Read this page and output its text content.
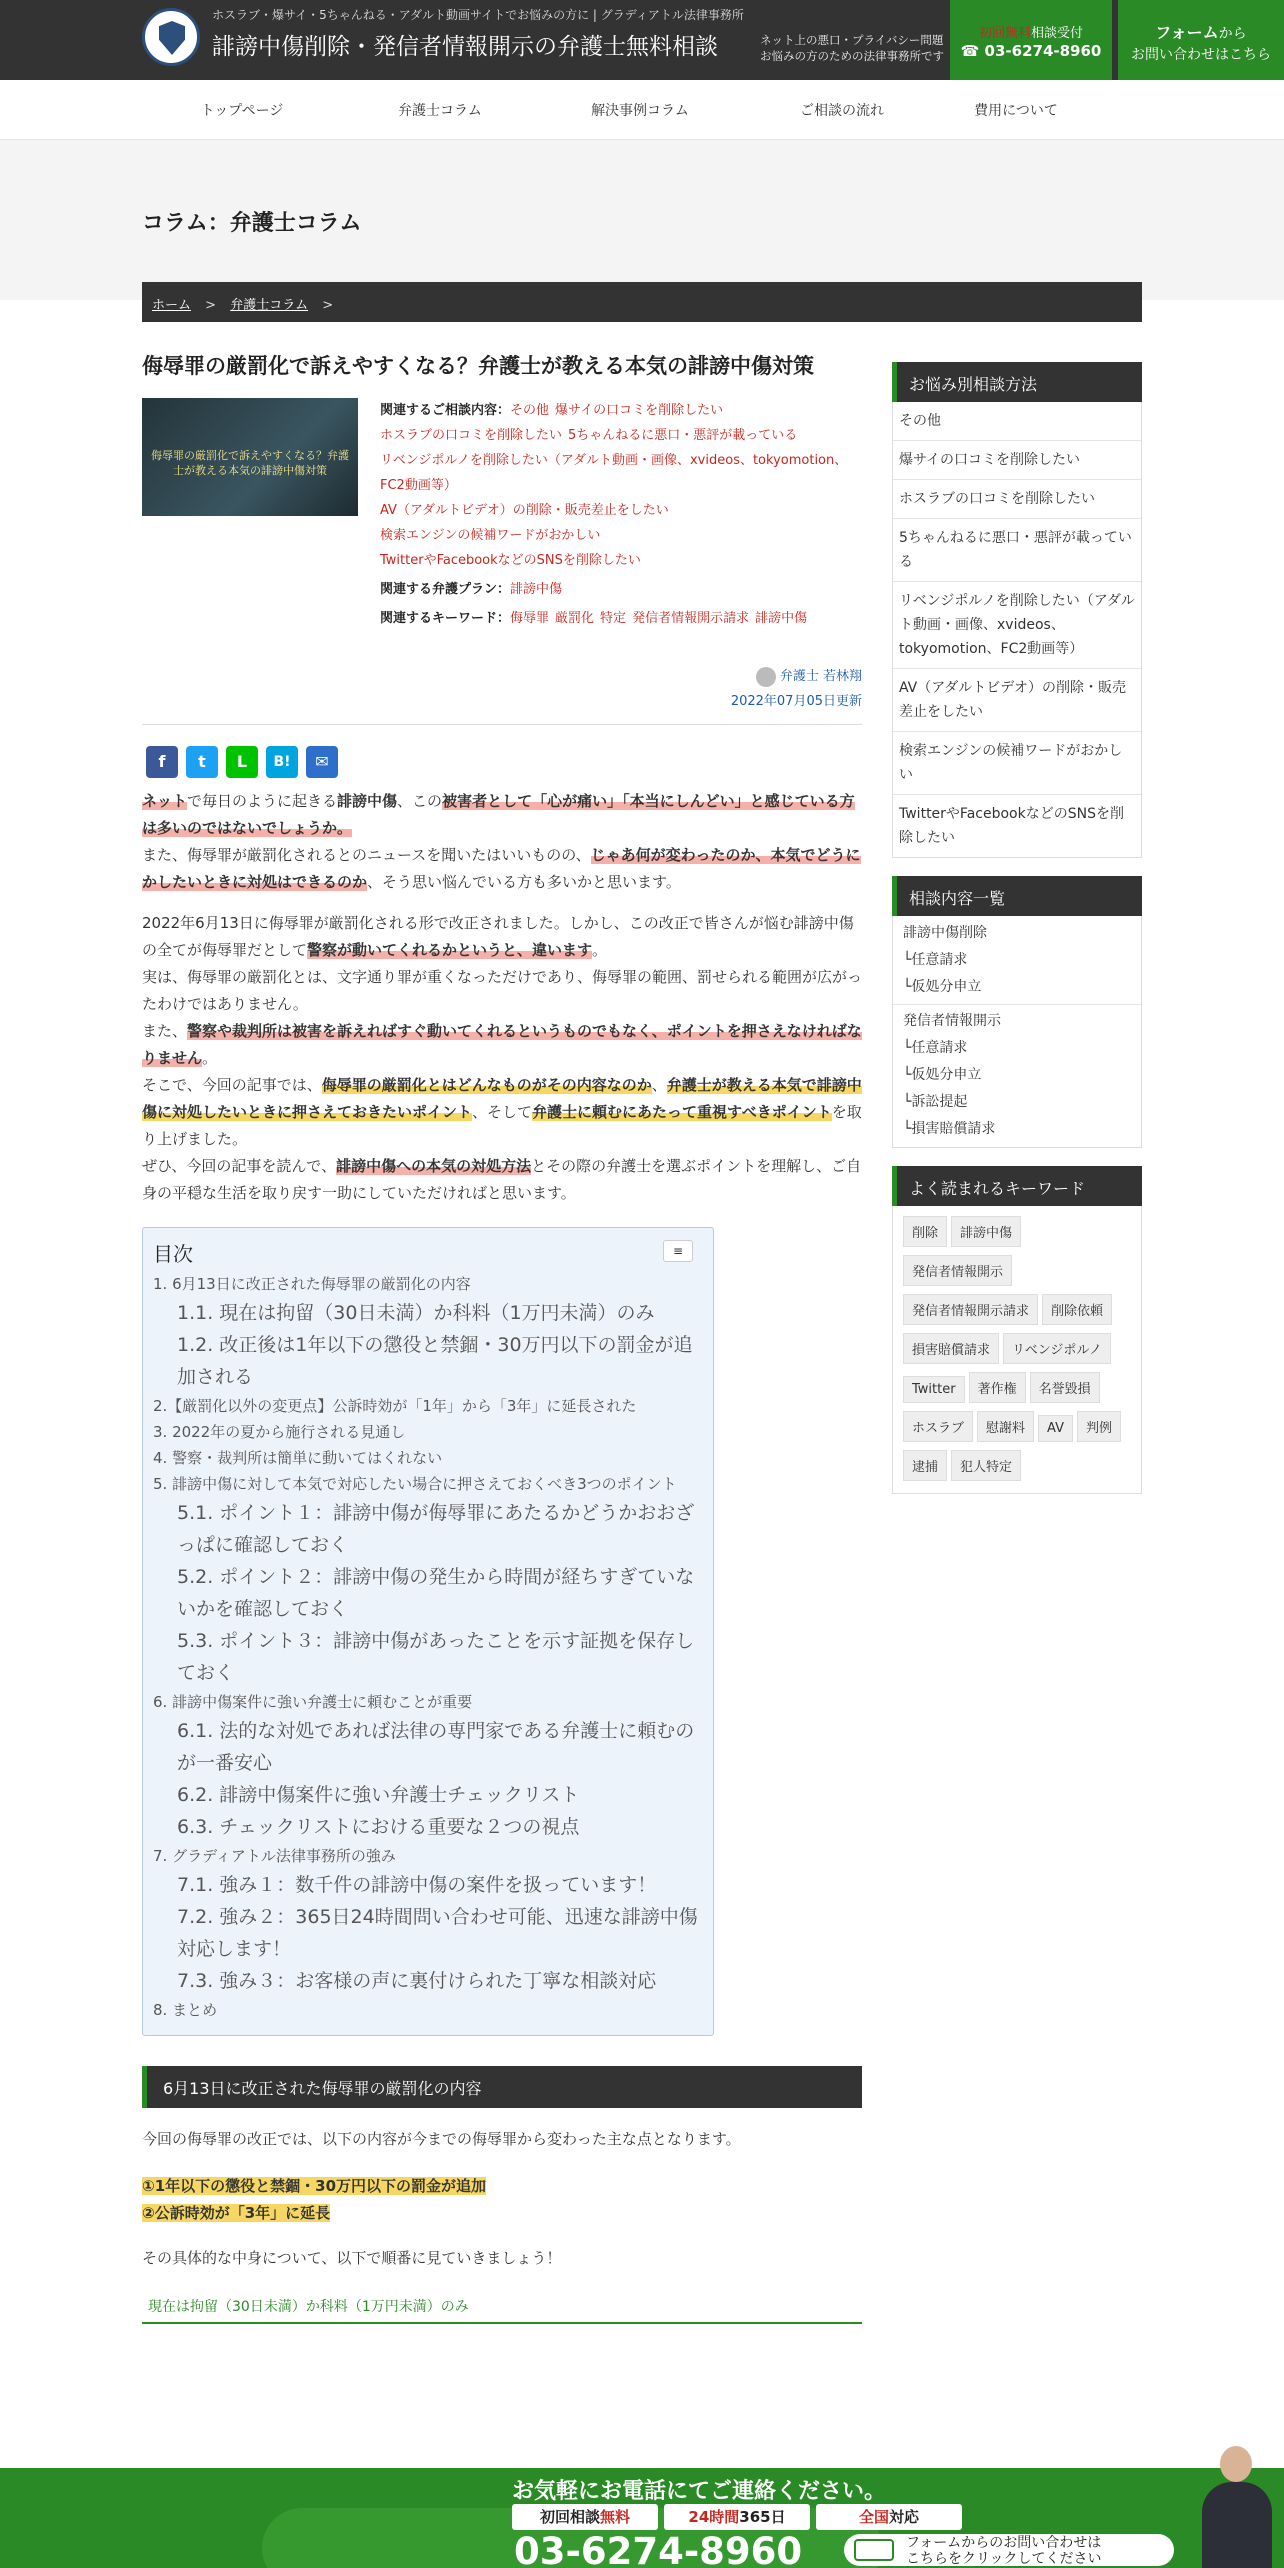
ホスラブ・爆サイ・5ちゃんねる・アダルト動画サイトでお悩みの方に | グラディアトル法律事務所
誹謗中傷削除・発信者情報開示の弁護士無料相談	ネット上の悪口・プライバシー問題
お悩みの方のための法律事務所です
初回無料相談受付
☎ 03-6274-8960
フォームから
お問い合わせはこちら
トップページ	弁護士コラム	解決事例コラム	ご相談の流れ	費用について
コラム：弁護士コラム
ホーム > 弁護士コラム >
侮辱罪の厳罰化で訴えやすくなる？弁護士が教える本気の誹謗中傷対策
侮辱罪の厳罰化で訴えやすくなる？弁護士が教える本気の誹謗中傷対策
関連するご相談内容：その他 爆サイの口コミを削除したい
ホスラブの口コミを削除したい 5ちゃんねるに悪口・悪評が載っている
リベンジポルノを削除したい（アダルト動画・画像、xvideos、tokyomotion、FC2動画等）
AV（アダルトビデオ）の削除・販売差止をしたい
検索エンジンの候補ワードがおかしい
TwitterやFacebookなどのSNSを削除したい
関連する弁護プラン：誹謗中傷
関連するキーワード：侮辱罪 厳罰化 特定 発信者情報開示請求 誹謗中傷
弁護士 若林翔
2022年07月05日更新
f	t	L	B!	✉

ネットで毎日のように起きる誹謗中傷、この被害者として「心が痛い」「本当にしんどい」と感じている方は多いのではないでしょうか。

また、侮辱罪が厳罰化されるとのニュースを聞いたはいいものの、じゃあ何が変わったのか、本気でどうにかしたいときに対処はできるのか、そう思い悩んでいる方も多いかと思います。

2022年6月13日に侮辱罪が厳罰化される形で改正されました。しかし、この改正で皆さんが悩む誹謗中傷の全てが侮辱罪だとして警察が動いてくれるかというと、違います。

実は、侮辱罪の厳罰化とは、文字通り罪が重くなっただけであり、侮辱罪の範囲、罰せられる範囲が広がったわけではありません。

また、警察や裁判所は被害を訴えればすぐ動いてくれるというものでもなく、ポイントを押さえなければなりません。

そこで、今回の記事では、侮辱罪の厳罰化とはどんなものがその内容なのか、弁護士が教える本気で誹謗中傷に対処したいときに押さえておきたいポイント、そして弁護士に頼むにあたって重視すべきポイントを取り上げました。

ぜひ、今回の記事を読んで、誹謗中傷への本気の対処方法とその際の弁護士を選ぶポイントを理解し、ご自身の平穏な生活を取り戻す一助にしていただければと思います。

目次	≡
1. 6月13日に改正された侮辱罪の厳罰化の内容
1.1. 現在は拘留（30日未満）か科料（1万円未満）のみ
1.2. 改正後は1年以下の懲役と禁錮・30万円以下の罰金が追加される
2.【厳罰化以外の変更点】公訴時効が「1年」から「3年」に延長された
3. 2022年の夏から施行される見通し
4. 警察・裁判所は簡単に動いてはくれない
5. 誹謗中傷に対して本気で対応したい場合に押さえておくべき3つのポイント
5.1. ポイント１：誹謗中傷が侮辱罪にあたるかどうかおおざっぱに確認しておく
5.2. ポイント２：誹謗中傷の発生から時間が経ちすぎていないかを確認しておく
5.3. ポイント３：誹謗中傷があったことを示す証拠を保存しておく
6. 誹謗中傷案件に強い弁護士に頼むことが重要
6.1. 法的な対処であれば法律の専門家である弁護士に頼むのが一番安心
6.2. 誹謗中傷案件に強い弁護士チェックリスト
6.3. チェックリストにおける重要な２つの視点
7. グラディアトル法律事務所の強み
7.1. 強み１：数千件の誹謗中傷の案件を扱っています！
7.2. 強み２：365日24時間問い合わせ可能、迅速な誹謗中傷対応します！
7.3. 強み３：お客様の声に裏付けられた丁寧な相談対応
8. まとめ
6月13日に改正された侮辱罪の厳罰化の内容

今回の侮辱罪の改正では、以下の内容が今までの侮辱罪から変わった主な点となります。

①1年以下の懲役と禁錮・30万円以下の罰金が追加
②公訴時効が「3年」に延長

その具体的な中身について、以下で順番に見ていきましょう！

現在は拘留（30日未満）か科料（1万円未満）のみ
お悩み別相談方法
その他
爆サイの口コミを削除したい
ホスラブの口コミを削除したい
5ちゃんねるに悪口・悪評が載っている
リベンジポルノを削除したい（アダルト動画・画像、xvideos、tokyomotion、FC2動画等）
AV（アダルトビデオ）の削除・販売差止をしたい
検索エンジンの候補ワードがおかしい
TwitterやFacebookなどのSNSを削除したい
相談内容一覧
誹謗中傷削除
└任意請求
└仮処分申立
発信者情報開示
└任意請求
└仮処分申立
└訴訟提起
└損害賠償請求
よく読まれるキーワード
削除 誹謗中傷発信者情報開示発信者情報開示請求 削除依頼損害賠償請求 リベンジポルノTwitter 著作権 名誉毀損ホスラブ 慰謝料 AV 判例逮捕 犯人特定
お気軽にお電話にてご連絡ください。
初回相談無料	24時間365日	全国対応
03-6274-8960	フォームからのお問い合わせは
こちらをクリックしてください
